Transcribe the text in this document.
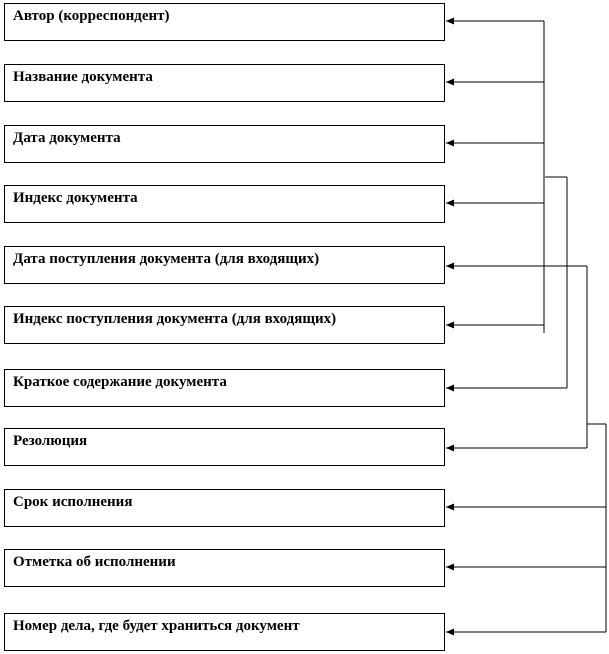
Автор (корреспондент)
Название документа
Дата документа
Индекс документа
Дата поступления документа (для входящих)
Индекс поступления документа (для входящих)
Краткое содержание документа
Резолюция
Срок исполнения
Отметка об исполнении
Номер дела, где будет храниться документ
